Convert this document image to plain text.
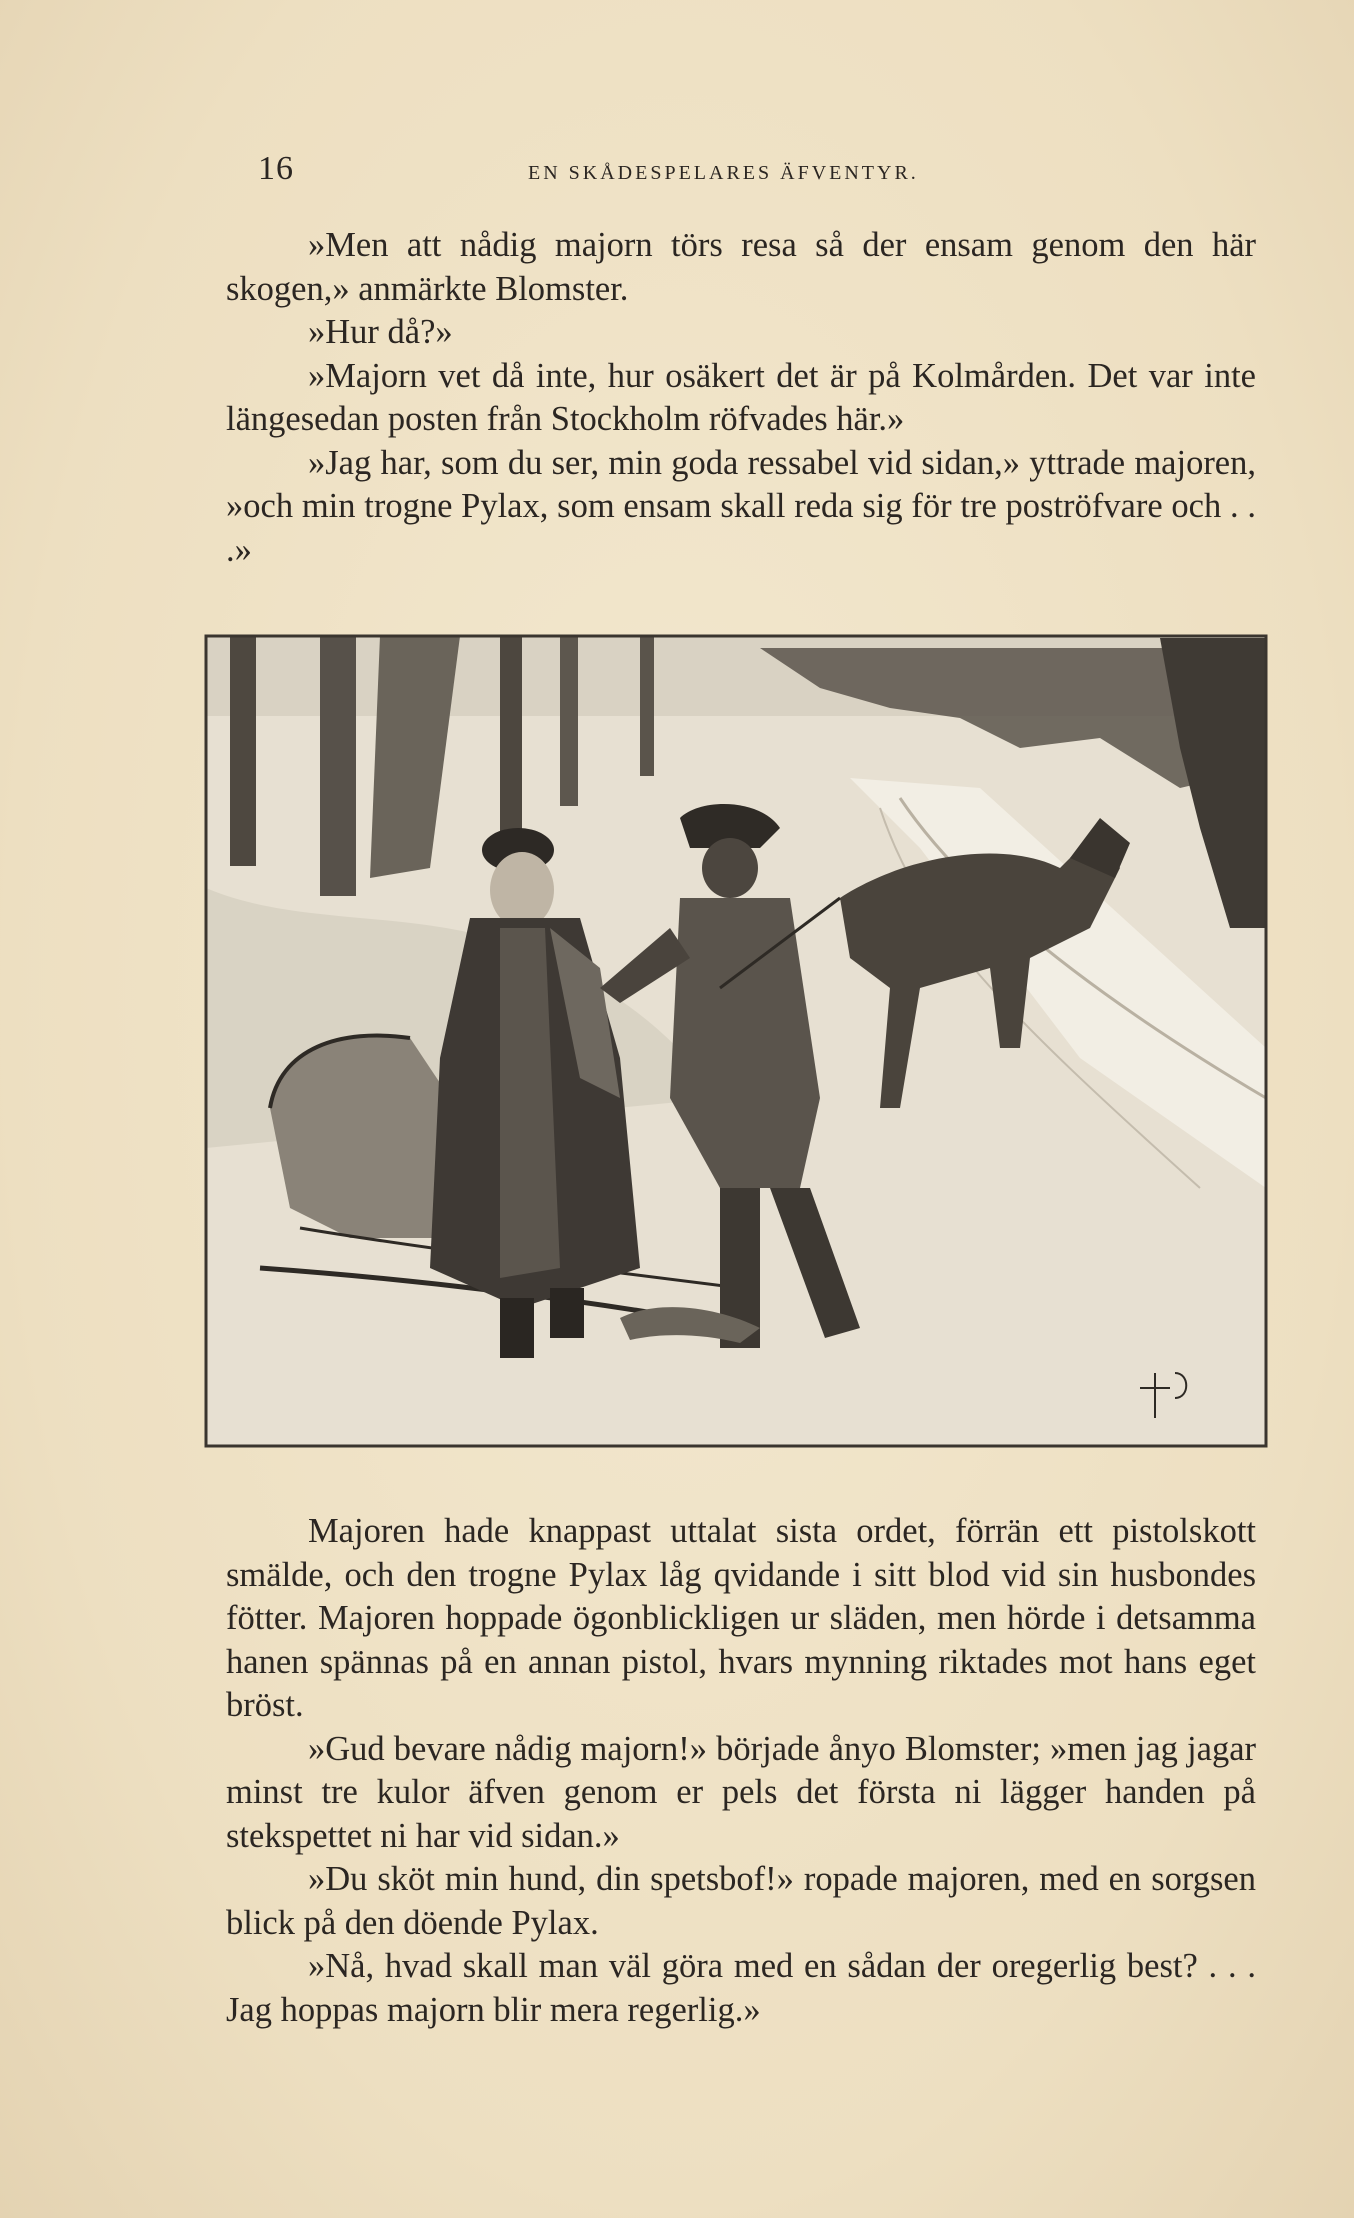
16	EN SKÅDESPELARES ÄFVENTYR.

»Men att nådig majorn törs resa så der ensam genom den här skogen,» anmärkte Blomster.

»Hur då?»

»Majorn vet då inte, hur osäkert det är på Kolmården. Det var inte längesedan posten från Stockholm röfvades här.»

»Jag har, som du ser, min goda ressabel vid sidan,» yttrade majoren, »och min trogne Pylax, som ensam skall reda sig för tre poströfvare och . . .»

Majoren hade knappast uttalat sista ordet, förrän ett pistolskott smälde, och den trogne Pylax låg qvidande i sitt blod vid sin husbondes fötter. Majoren hoppade ögonblickligen ur släden, men hörde i detsamma hanen spännas på en annan pistol, hvars mynning riktades mot hans eget bröst.

»Gud bevare nådig majorn!» började ånyo Blomster; »men jag jagar minst tre kulor äfven genom er pels det första ni lägger handen på stekspettet ni har vid sidan.»

»Du sköt min hund, din spetsbof!» ropade majoren, med en sorgsen blick på den döende Pylax.

»Nå, hvad skall man väl göra med en sådan der oregerlig best? . . . Jag hoppas majorn blir mera regerlig.»
